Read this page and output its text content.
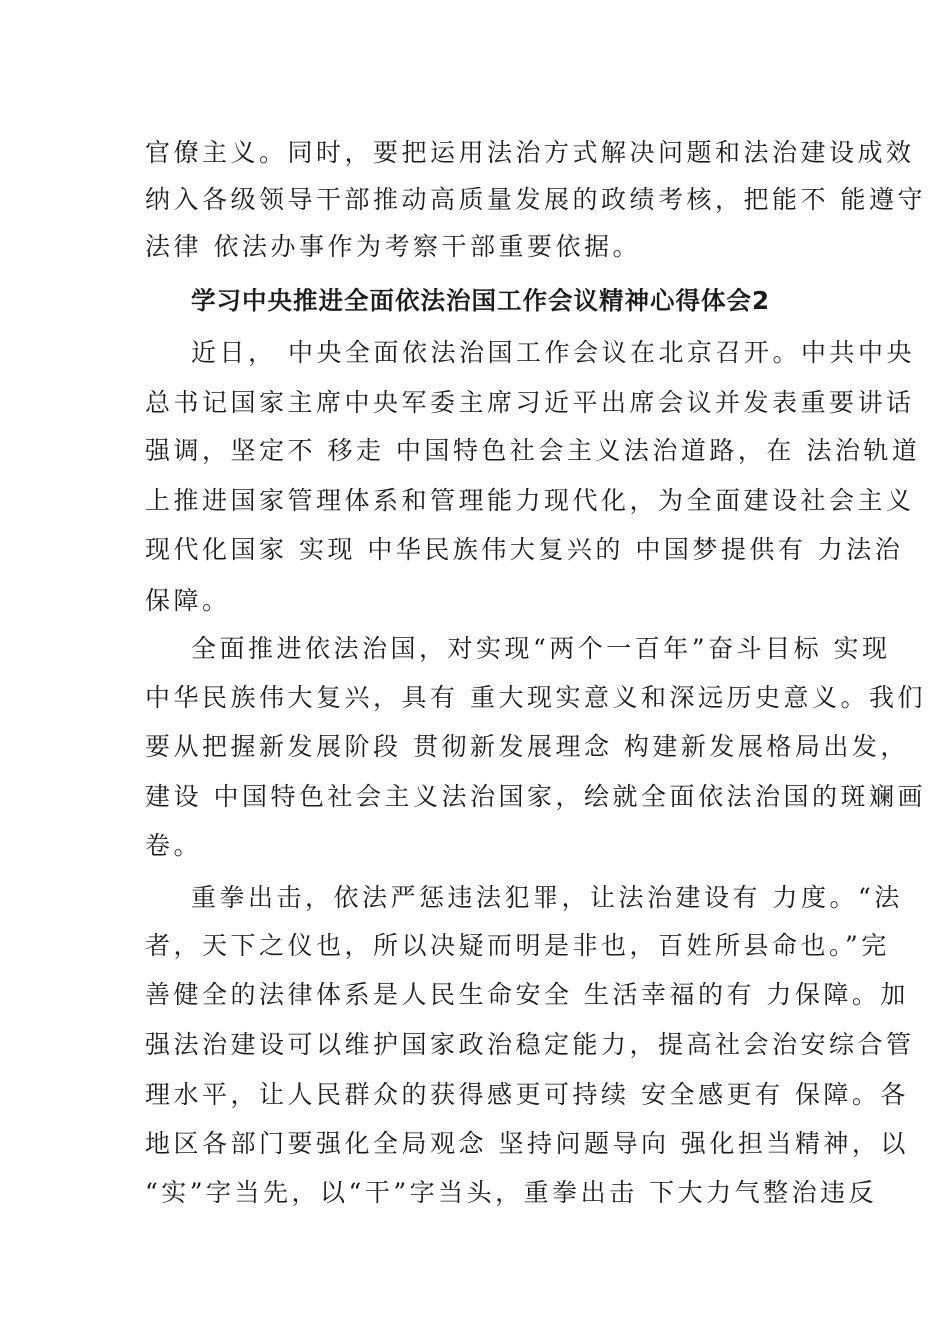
官僚主义。同时，要把运用法治方式解决问题和法治建设成效
纳入各级领导干部推动高质量发展的政绩考核，把能不 能遵守
法律 依法办事作为考察干部重要依据。
学习中央推进全面依法治国工作会议精神心得体会2
近日， 中央全面依法治国工作会议在北京召开。中共中央
总书记国家主席中央军委主席习近平出席会议并发表重要讲话
强调，坚定不 移走 中国特色社会主义法治道路，在 法治轨道
上推进国家管理体系和管理能力现代化，为全面建设社会主义
现代化国家 实现 中华民族伟大复兴的 中国梦提供有 力法治
保障。
全面推进依法治国，对实现“两个一百年”奋斗目标 实现
中华民族伟大复兴，具有 重大现实意义和深远历史意义。我们
要从把握新发展阶段 贯彻新发展理念 构建新发展格局出发，
建设 中国特色社会主义法治国家，绘就全面依法治国的斑斓画
卷。
重拳出击，依法严惩违法犯罪，让法治建设有 力度。“法
者，天下之仪也，所以决疑而明是非也，百姓所县命也。”完
善健全的法律体系是人民生命安全 生活幸福的有 力保障。加
强法治建设可以维护国家政治稳定能力，提高社会治安综合管
理水平，让人民群众的获得感更可持续 安全感更有 保障。各
地区各部门要强化全局观念 坚持问题导向 强化担当精神，以
“实”字当先，以“干”字当头，重拳出击 下大力气整治违反
